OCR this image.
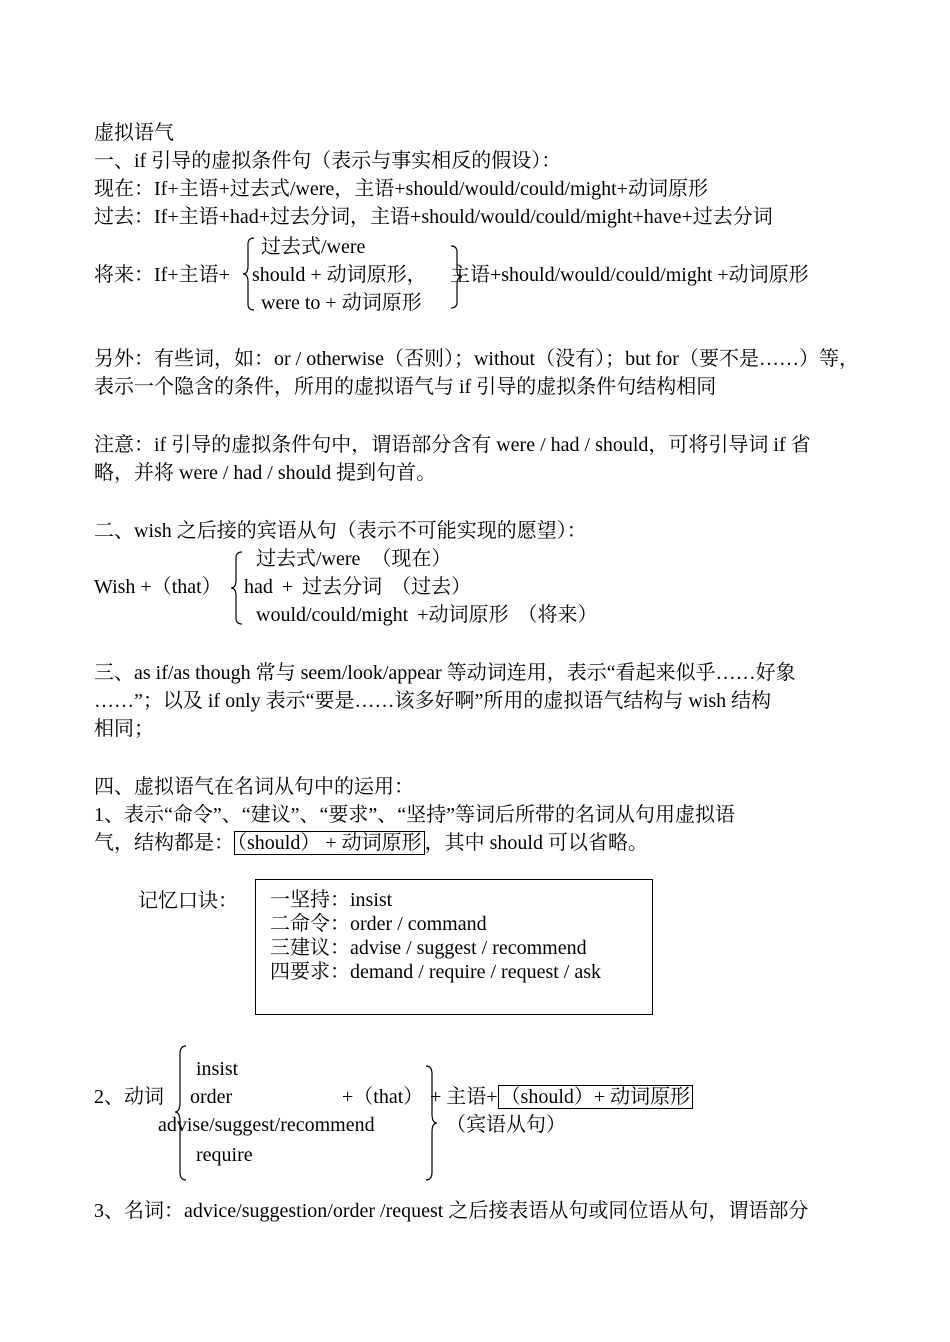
虚拟语气
一、if 引导的虚拟条件句（表示与事实相反的假设）：
现在：If+主语+过去式/were，主语+should/would/could/might+动词原形
过去：If+主语+had+过去分词，主语+should/would/could/might+have+过去分词
将来：If+主语+
过去式/were
should + 动词原形，
were to + 动词原形
主语+should/would/could/might +动词原形
另外：有些词，如：or / otherwise（否则）；without（没有）；but for（要不是……）等，
表示一个隐含的条件，所用的虚拟语气与 if 引导的虚拟条件句结构相同
注意：if 引导的虚拟条件句中，谓语部分含有 were / had / should，可将引导词 if 省
略，并将 were / had / should 提到句首。
二、wish 之后接的宾语从句（表示不可能实现的愿望）：
Wish +（that）
过去式/were （现在）
had + 过去分词 （过去）
would/could/might +动词原形 （将来）
三、as if/as though 常与 seem/look/appear 等动词连用，表示“看起来似乎……好象
……”；以及 if only 表示“要是……该多好啊”所用的虚拟语气结构与 wish 结构
相同；
四、虚拟语气在名词从句中的运用：
1、表示“命令”、“建议”、“要求”、“坚持”等词后所带的名词从句用虚拟语
气，结构都是： （should） + 动词原形 ，其中 should 可以省略。
记忆口诀： 一坚持：insist
二命令：order / command
三建议：advise / suggest / recommend
四要求：demand / require / request / ask
2、动词
insist
order
advise/suggest/recommend
require
+（that） + 主语+ （should）+ 动词原形
（宾语从句）
3、名词：advice/suggestion/order /request 之后接表语从句或同位语从句，谓语部分
